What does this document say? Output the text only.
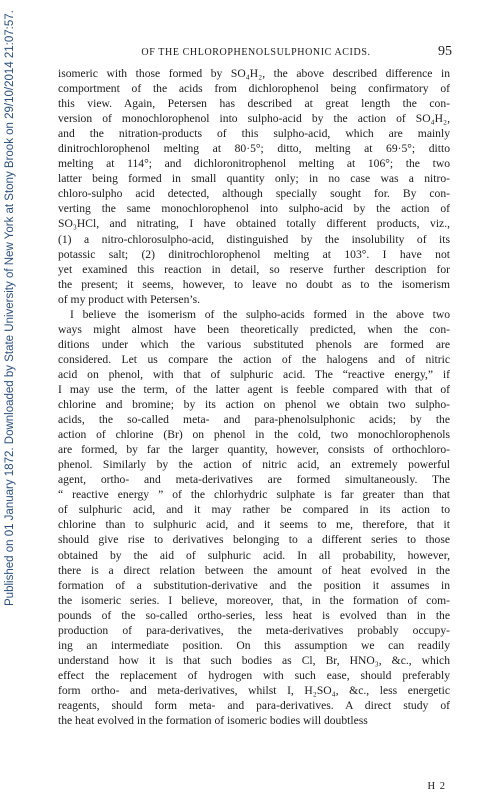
Published on 01 January 1872. Downloaded by State University of New York at Stony Brook on 29/10/2014 21:07:57.	OF THE CHLOROPHENOLSULPHONIC ACIDS.	95
isomeric with those formed by SO₄H₂, the above described difference in
comportment of the acids from dichlorophenol being confirmatory of
this view. Again, Petersen has described at great length the con-
version of monochlorophenol into sulpho-acid by the action of SO₄H₂,
and the nitration-products of this sulpho-acid, which are mainly
dinitrochlorophenol melting at 80·5°; ditto, melting at 69·5°; ditto
melting at 114°; and dichloronitrophenol melting at 106°; the two
latter being formed in small quantity only; in no case was a nitro-
chloro-sulpho acid detected, although specially sought for. By con-
verting the same monochlorophenol into sulpho-acid by the action of
SO₃HCl, and nitrating, I have obtained totally different products, viz.,
(1) a nitro-chlorosulpho-acid, distinguished by the insolubility of its
potassic salt; (2) dinitrochlorophenol melting at 103°. I have not
yet examined this reaction in detail, so reserve further description for
the present; it seems, however, to leave no doubt as to the isomerism
of my product with Petersen’s.
I believe the isomerism of the sulpho-acids formed in the above two
ways might almost have been theoretically predicted, when the con-
ditions under which the various substituted phenols are formed are
considered. Let us compare the action of the halogens and of nitric
acid on phenol, with that of sulphuric acid. The “reactive energy,” if
I may use the term, of the latter agent is feeble compared with that of
chlorine and bromine; by its action on phenol we obtain two sulpho-
acids, the so-called meta- and para-phenolsulphonic acids; by the
action of chlorine (Br) on phenol in the cold, two monochlorophenols
are formed, by far the larger quantity, however, consists of orthochloro-
phenol. Similarly by the action of nitric acid, an extremely powerful
agent, ortho- and meta-derivatives are formed simultaneously. The
“ reactive energy ” of the chlorhydric sulphate is far greater than that
of sulphuric acid, and it may rather be compared in its action to
chlorine than to sulphuric acid, and it seems to me, therefore, that it
should give rise to derivatives belonging to a different series to those
obtained by the aid of sulphuric acid. In all probability, however,
there is a direct relation between the amount of heat evolved in the
formation of a substitution-derivative and the position it assumes in
the isomeric series. I believe, moreover, that, in the formation of com-
pounds of the so-called ortho-series, less heat is evolved than in the
production of para-derivatives, the meta-derivatives probably occupy-
ing an intermediate position. On this assumption we can readily
understand how it is that such bodies as Cl, Br, HNO₃, &c., which
effect the replacement of hydrogen with such ease, should preferably
form ortho- and meta-derivatives, whilst I, H₂SO₄, &c., less energetic
reagents, should form meta- and para-derivatives. A direct study of
the heat evolved in the formation of isomeric bodies will doubtless
H 2
